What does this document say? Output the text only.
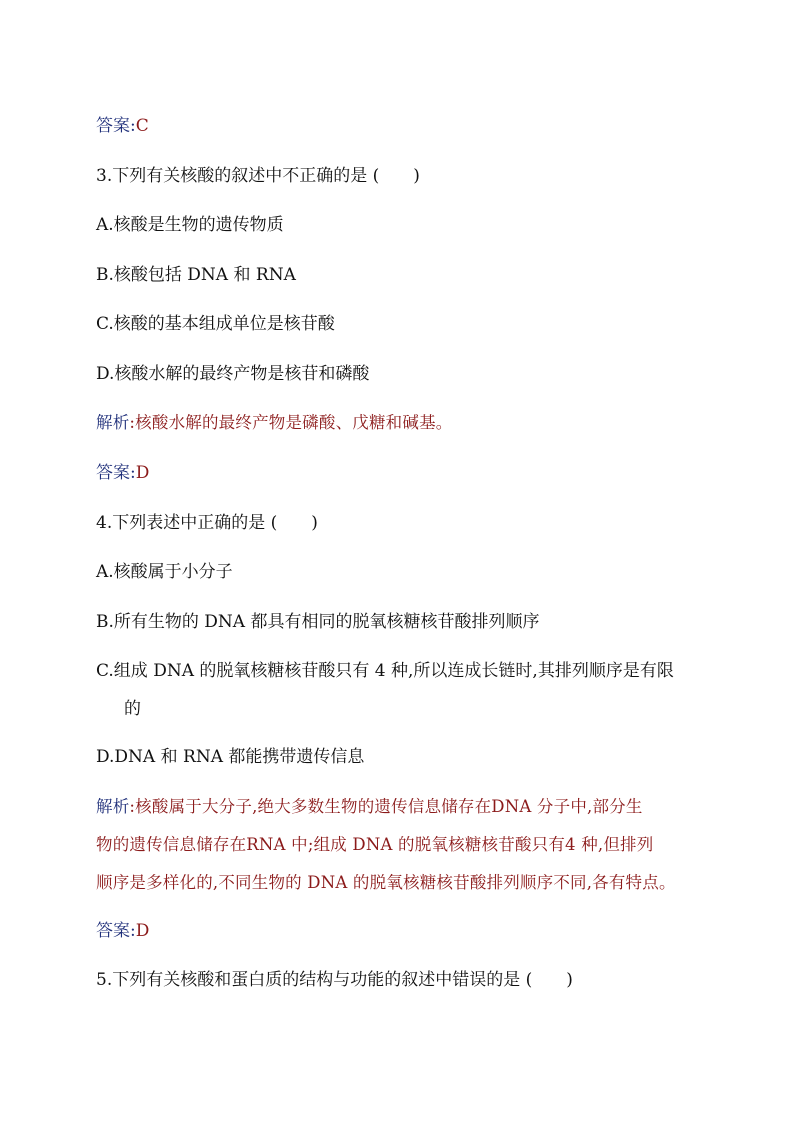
答案:C
3.下列有关核酸的叙述中不正确的是 (　　)
A.核酸是生物的遗传物质
B.核酸包括 DNA 和 RNA
C.核酸的基本组成单位是核苷酸
D.核酸水解的最终产物是核苷和磷酸
解析:核酸水解的最终产物是磷酸、戊糖和碱基。
答案:D
4.下列表述中正确的是 (　　)
A.核酸属于小分子
B.所有生物的 DNA 都具有相同的脱氧核糖核苷酸排列顺序
C.组成 DNA 的脱氧核糖核苷酸只有 4 种,所以连成长链时,其排列顺序是有限
的
D.DNA 和 RNA 都能携带遗传信息
解析:核酸属于大分子,绝大多数生物的遗传信息储存在DNA 分子中,部分生
物的遗传信息储存在RNA 中;组成 DNA 的脱氧核糖核苷酸只有4 种,但排列
顺序是多样化的,不同生物的 DNA 的脱氧核糖核苷酸排列顺序不同,各有特点。
答案:D
5.下列有关核酸和蛋白质的结构与功能的叙述中错误的是 (　　)
